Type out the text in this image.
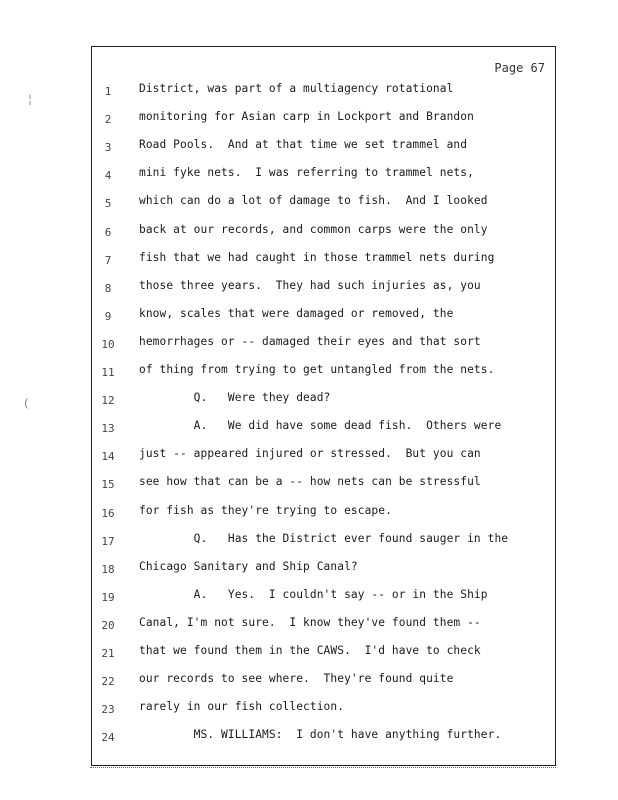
Page 67
1	District, was part of a multiagency rotational
2	monitoring for Asian carp in Lockport and Brandon
3	Road Pools.  And at that time we set trammel and
4	mini fyke nets.  I was referring to trammel nets,
5	which can do a lot of damage to fish.  And I looked
6	back at our records, and common carps were the only
7	fish that we had caught in those trammel nets during
8	those three years.  They had such injuries as, you
9	know, scales that were damaged or removed, the
10	hemorrhages or -- damaged their eyes and that sort
11	of thing from trying to get untangled from the nets.
12	Q.   Were they dead?
13	A.   We did have some dead fish.  Others were
14	just -- appeared injured or stressed.  But you can
15	see how that can be a -- how nets can be stressful
16	for fish as they're trying to escape.
17	Q.   Has the District ever found sauger in the
18	Chicago Sanitary and Ship Canal?
19	A.   Yes.  I couldn't say -- or in the Ship
20	Canal, I'm not sure.  I know they've found them --
21	that we found them in the CAWS.  I'd have to check
22	our records to see where.  They're found quite
23	rarely in our fish collection.
24	MS. WILLIAMS:  I don't have anything further.
¦
(
